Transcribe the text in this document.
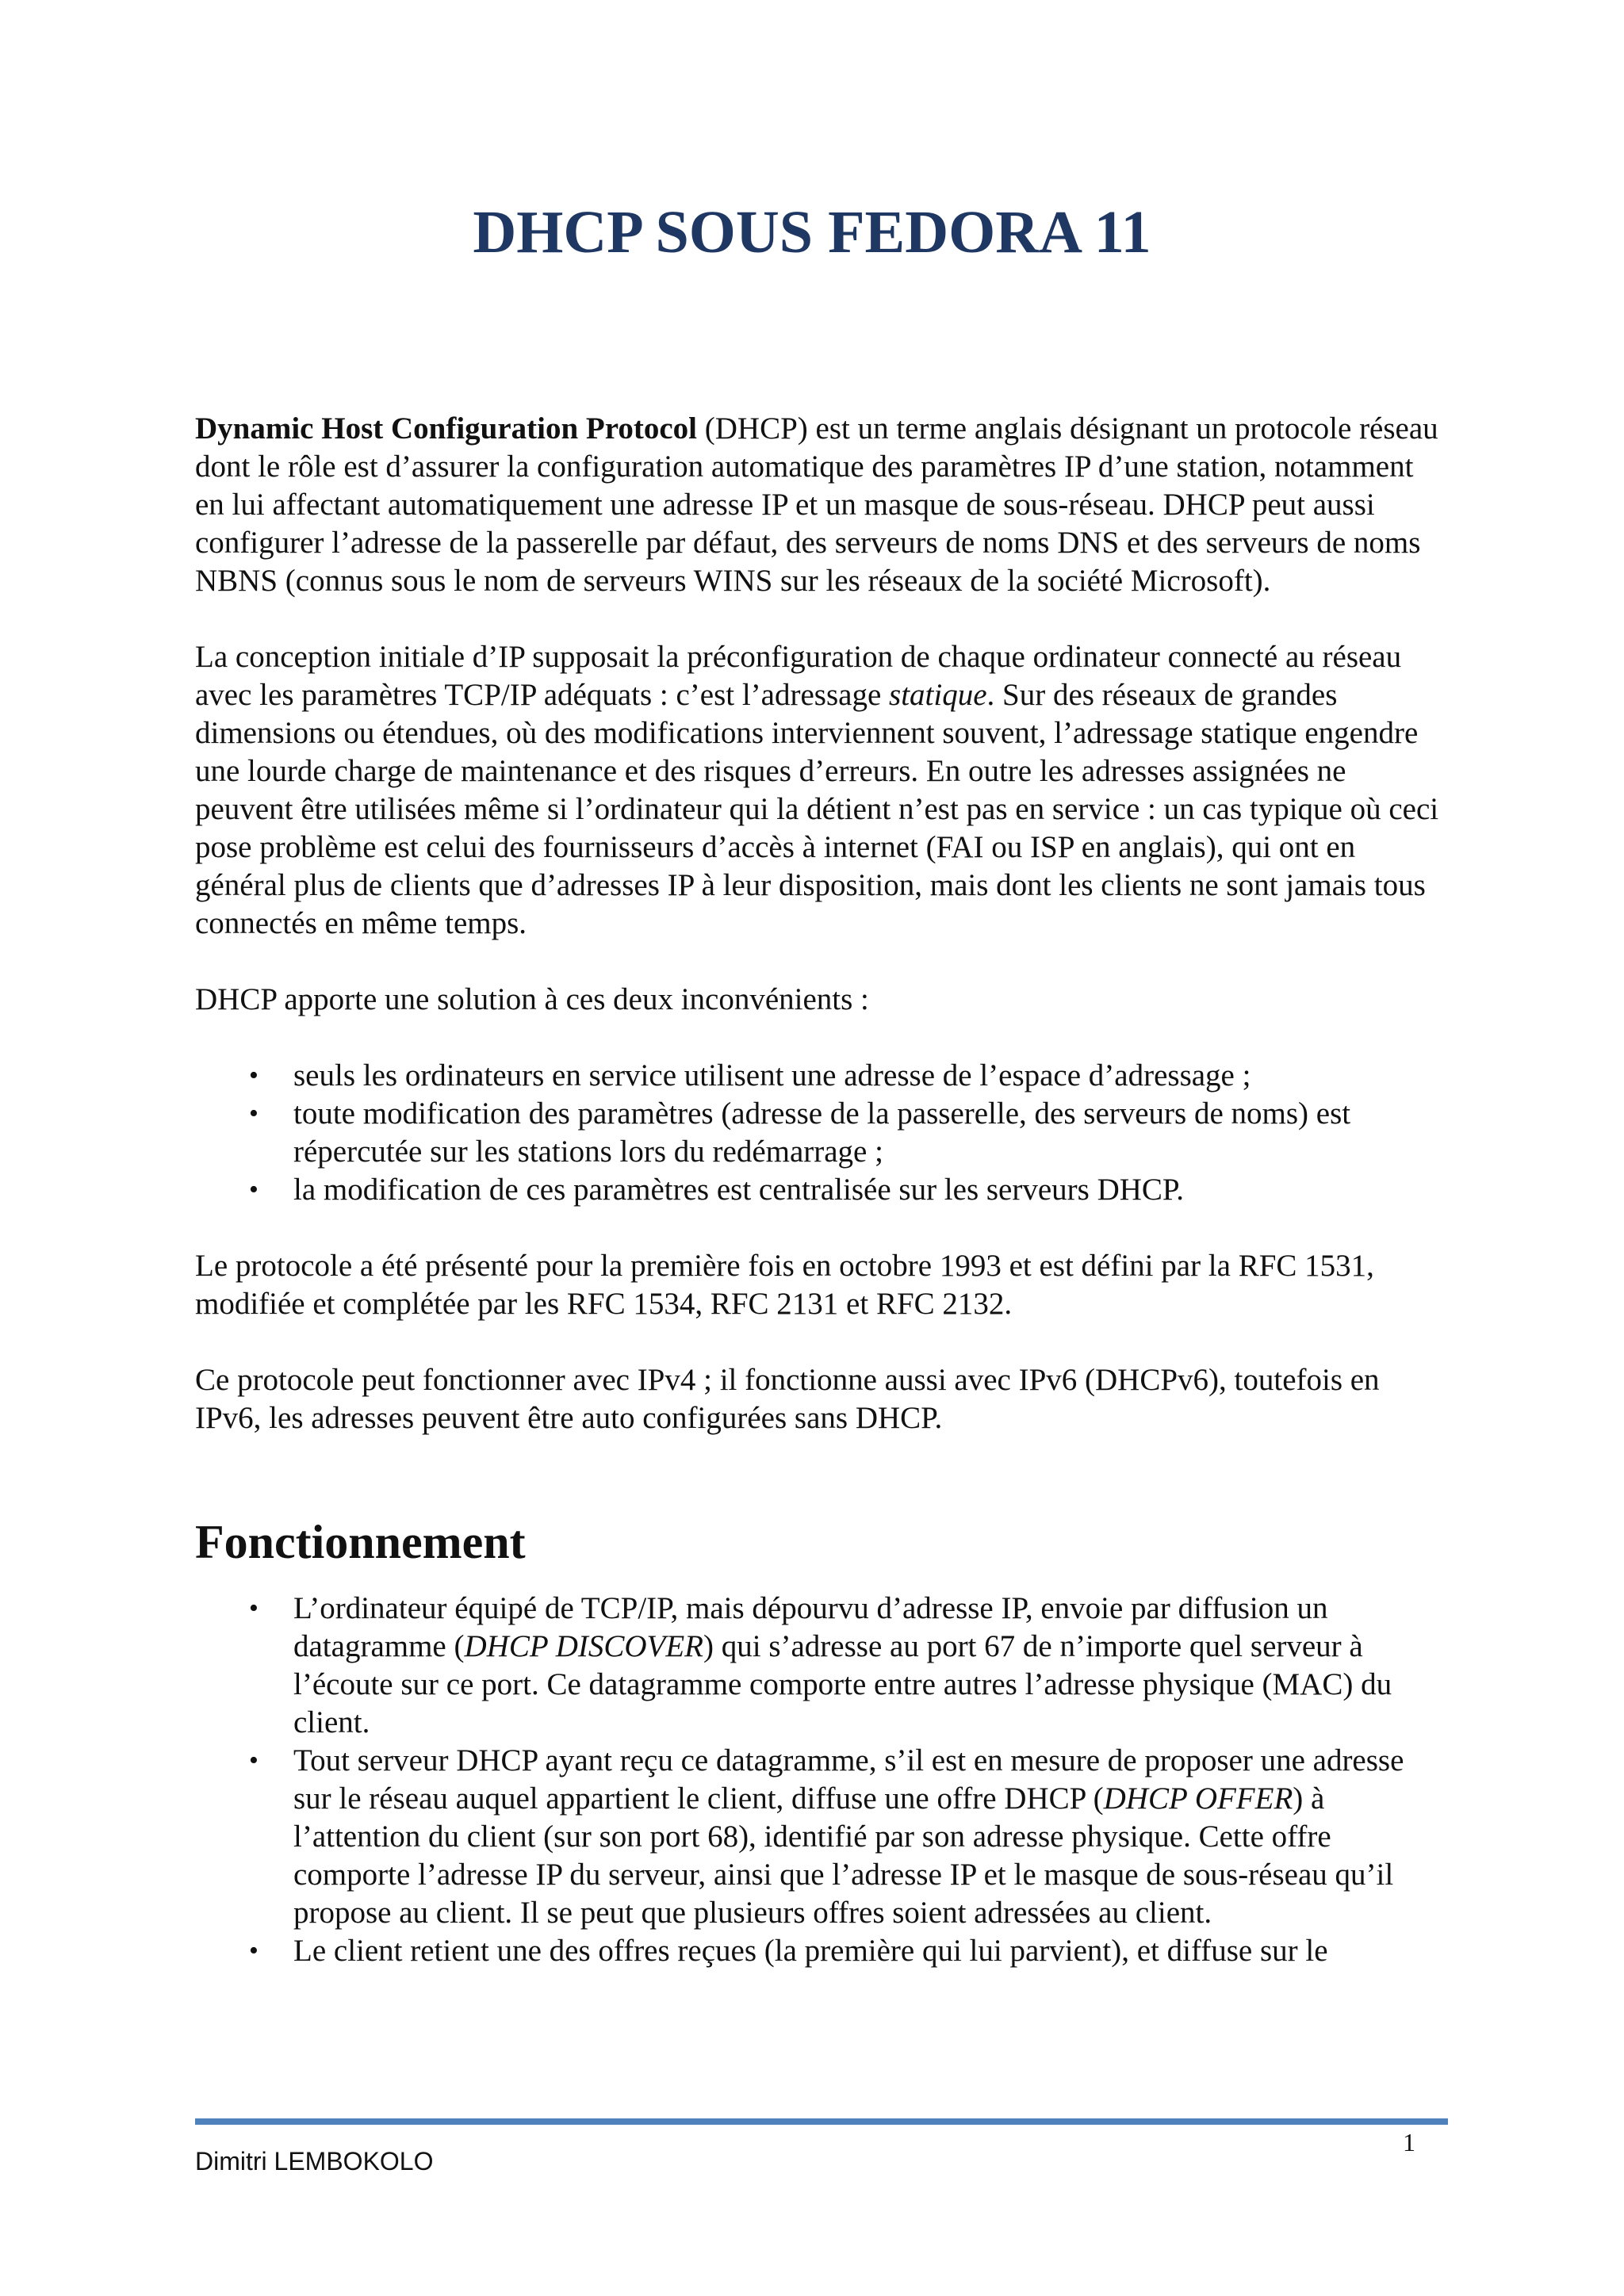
DHCP SOUS FEDORA 11

Dynamic Host Configuration Protocol (DHCP) est un terme anglais désignant un protocole réseau dont le rôle est d’assurer la configuration automatique des paramètres IP d’une station, notamment en lui affectant automatiquement une adresse IP et un masque de sous-réseau. DHCP peut aussi configurer l’adresse de la passerelle par défaut, des serveurs de noms DNS et des serveurs de noms NBNS (connus sous le nom de serveurs WINS sur les réseaux de la société Microsoft).

La conception initiale d’IP supposait la préconfiguration de chaque ordinateur connecté au réseau avec les paramètres TCP/IP adéquats : c’est l’adressage statique. Sur des réseaux de grandes dimensions ou étendues, où des modifications interviennent souvent, l’adressage statique engendre une lourde charge de maintenance et des risques d’erreurs. En outre les adresses assignées ne peuvent être utilisées même si l’ordinateur qui la détient n’est pas en service : un cas typique où ceci pose problème est celui des fournisseurs d’accès à internet (FAI ou ISP en anglais), qui ont en général plus de clients que d’adresses IP à leur disposition, mais dont les clients ne sont jamais tous connectés en même temps.

DHCP apporte une solution à ces deux inconvénients :

• seuls les ordinateurs en service utilisent une adresse de l’espace d’adressage ;
• toute modification des paramètres (adresse de la passerelle, des serveurs de noms) est répercutée sur les stations lors du redémarrage ;
• la modification de ces paramètres est centralisée sur les serveurs DHCP.

Le protocole a été présenté pour la première fois en octobre 1993 et est défini par la RFC 1531, modifiée et complétée par les RFC 1534, RFC 2131 et RFC 2132.

Ce protocole peut fonctionner avec IPv4 ; il fonctionne aussi avec IPv6 (DHCPv6), toutefois en IPv6, les adresses peuvent être auto configurées sans DHCP.

Fonctionnement
• L’ordinateur équipé de TCP/IP, mais dépourvu d’adresse IP, envoie par diffusion un datagramme (DHCP DISCOVER) qui s’adresse au port 67 de n’importe quel serveur à l’écoute sur ce port. Ce datagramme comporte entre autres l’adresse physique (MAC) du client.
• Tout serveur DHCP ayant reçu ce datagramme, s’il est en mesure de proposer une adresse sur le réseau auquel appartient le client, diffuse une offre DHCP (DHCP OFFER) à l’attention du client (sur son port 68), identifié par son adresse physique. Cette offre comporte l’adresse IP du serveur, ainsi que l’adresse IP et le masque de sous-réseau qu’il propose au client. Il se peut que plusieurs offres soient adressées au client.
• Le client retient une des offres reçues (la première qui lui parvient), et diffuse sur le
1
Dimitri LEMBOKOLO
